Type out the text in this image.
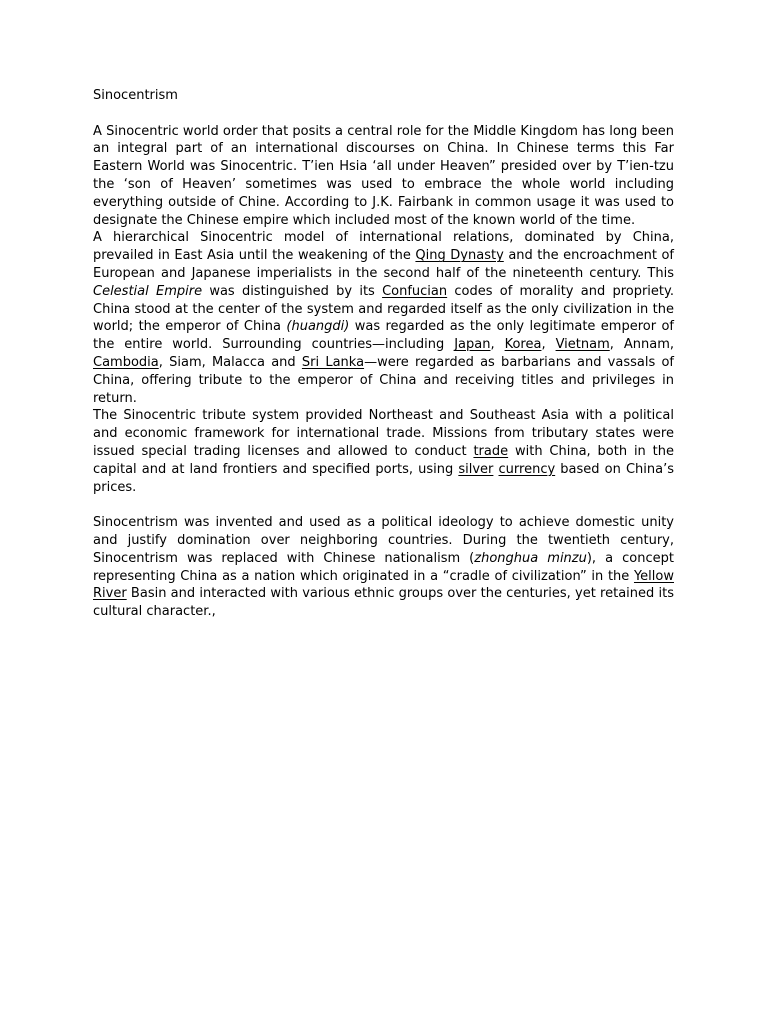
Sinocentrism

A Sinocentric world order that posits a central role for the Middle Kingdom has long been an integral part of an international discourses on China. In Chinese terms this Far Eastern World was Sinocentric. T’ien Hsia ‘all under Heaven” presided over by T’ien-tzu the ‘son of Heaven’ sometimes was used to embrace the whole world including everything outside of Chine. According to J.K. Fairbank in common usage it was used to designate the Chinese empire which included most of the known world of the time.

A hierarchical Sinocentric model of international relations, dominated by China, prevailed in East Asia until the weakening of the Qing Dynasty and the encroachment of European and Japanese imperialists in the second half of the nineteenth century. This Celestial Empire was distinguished by its Confucian codes of morality and propriety. China stood at the center of the system and regarded itself as the only civilization in the world; the emperor of China (huangdi) was regarded as the only legitimate emperor of the entire world. Surrounding countries—including Japan, Korea, Vietnam, Annam, Cambodia, Siam, Malacca and Sri Lanka—were regarded as barbarians and vassals of China, offering tribute to the emperor of China and receiving titles and privileges in return.

The Sinocentric tribute system provided Northeast and Southeast Asia with a political and economic framework for international trade. Missions from tributary states were issued special trading licenses and allowed to conduct trade with China, both in the capital and at land frontiers and specified ports, using silver currency based on China’s prices.

Sinocentrism was invented and used as a political ideology to achieve domestic unity and justify domination over neighboring countries. During the twentieth century, Sinocentrism was replaced with Chinese nationalism (zhonghua minzu), a concept representing China as a nation which originated in a “cradle of civilization” in the Yellow River Basin and interacted with various ethnic groups over the centuries, yet retained its cultural character.,
